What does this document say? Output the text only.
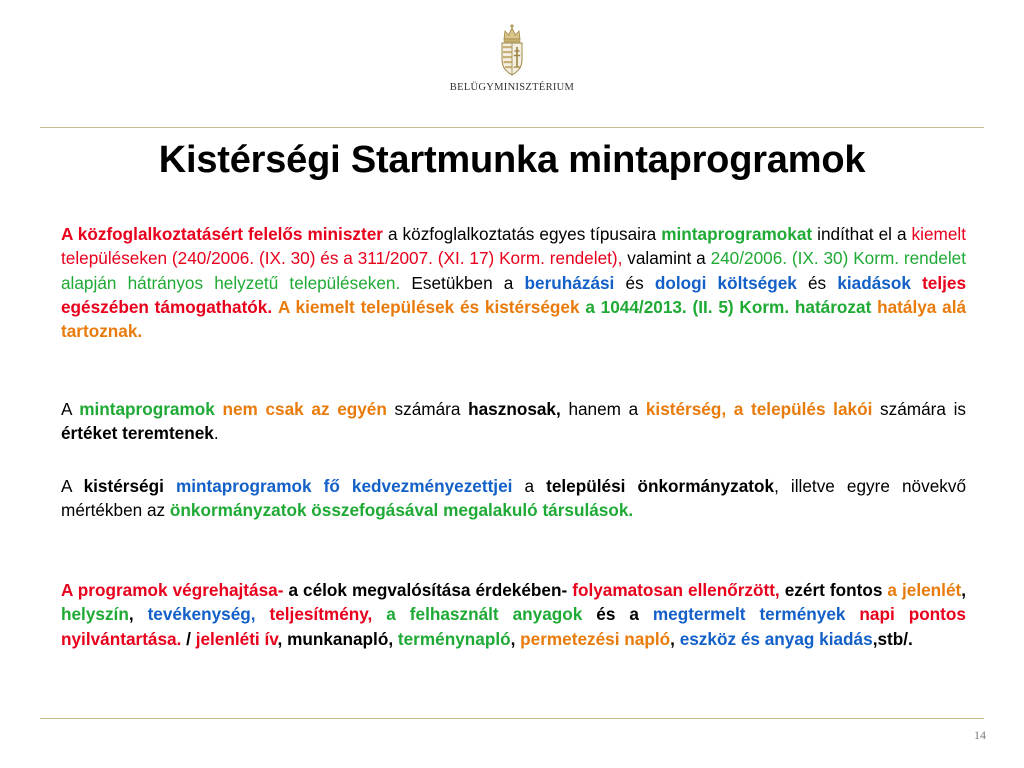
BELÜGYMINISZTÉRIUM
Kistérségi Startmunka mintaprogramok

A közfoglalkoztatásért felelős miniszter a közfoglalkoztatás egyes típusaira mintaprogramokat indíthat el a kiemelt településeken (240/2006. (IX. 30) és a 311/2007. (XI. 17) Korm. rendelet), valamint a 240/2006. (IX. 30) Korm. rendelet alapján hátrányos helyzetű településeken. Esetükben a beruházási és dologi költségek és kiadások teljes egészében támogathatók. A kiemelt települések és kistérségek a 1044/2013. (II. 5) Korm. határozat hatálya alá tartoznak.

A mintaprogramok nem csak az egyén számára hasznosak, hanem a kistérség, a település lakói számára is értéket teremtenek.

A kistérségi mintaprogramok fő kedvezményezettjei a települési önkormányzatok, illetve egyre növekvő mértékben az önkormányzatok összefogásával megalakuló társulások.

A programok végrehajtása- a célok megvalósítása érdekében- folyamatosan ellenőrzött, ezért fontos a jelenlét, helyszín, tevékenység, teljesítmény, a felhasznált anyagok és a megtermelt termények napi pontos nyilvántartása. / jelenléti ív, munkanapló, terménynapló, permetezési napló, eszköz és anyag kiadás,stb/.

14
